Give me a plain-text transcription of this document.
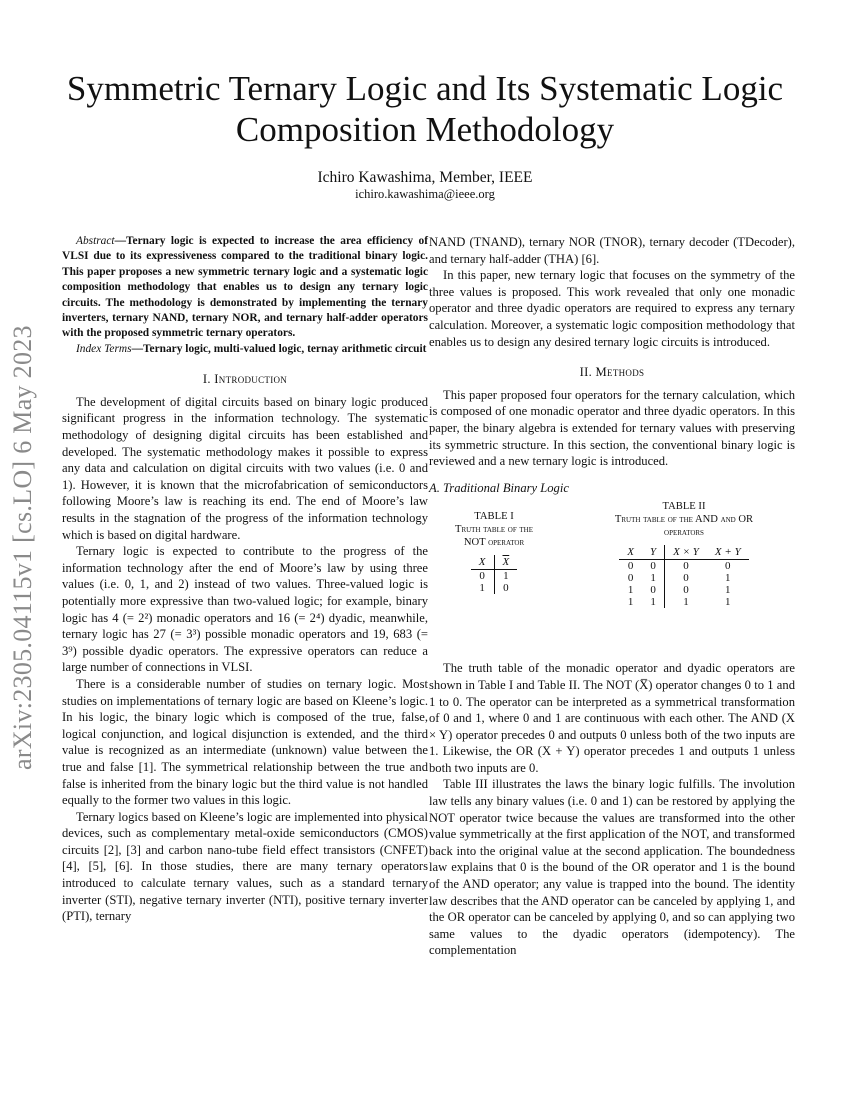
arXiv:2305.04115v1 [cs.LO] 6 May 2023
Symmetric Ternary Logic and Its Systematic Logic
Composition Methodology
Ichiro Kawashima, Member, IEEE
ichiro.kawashima@ieee.org

Abstract—Ternary logic is expected to increase the area efficiency of VLSI due to its expressiveness compared to the traditional binary logic. This paper proposes a new symmetric ternary logic and a systematic logic composition methodology that enables us to design any ternary logic circuits. The methodology is demonstrated by implementing the ternary inverters, ternary NAND, ternary NOR, and ternary half-adder operators with the proposed symmetric ternary operators.

Index Terms—Ternary logic, multi-valued logic, ternay arithmetic circuit

I. Introduction

The development of digital circuits based on binary logic produced significant progress in the information technology. The systematic methodology of designing digital circuits has been established and developed. The systematic methodology makes it possible to express any data and calculation on digital circuits with two values (i.e. 0 and 1). However, it is known that the microfabrication of semiconductors following Moore’s law is reaching its end. The end of Moore’s law results in the stagnation of the progress of the information technology which is based on digital hardware.

Ternary logic is expected to contribute to the progress of the information technology after the end of Moore’s law by using three values (i.e. 0, 1, and 2) instead of two values. Three-valued logic is potentially more expressive than two-valued logic; for example, binary logic has 4 (= 2²) monadic operators and 16 (= 2⁴) dyadic, meanwhile, ternary logic has 27 (= 3³) possible monadic operators and 19, 683 (= 3⁹) possible dyadic operators. The expressive operators can reduce a large number of connections in VLSI.

There is a considerable number of studies on ternary logic. Most studies on implementations of ternary logic are based on Kleene’s logic. In his logic, the binary logic which is composed of the true, false, logical conjunction, and logical disjunction is extended, and the third value is recognized as an intermediate (unknown) value between the true and false [1]. The symmetrical relationship between the true and false is inherited from the binary logic but the third value is not handled equally to the former two values in this logic.

Ternary logics based on Kleene’s logic are implemented into physical devices, such as complementary metal-oxide semiconductors (CMOS) circuits [2], [3] and carbon nano-tube field effect transistors (CNFET) [4], [5], [6]. In those studies, there are many ternary operators introduced to calculate ternary values, such as a standard ternary inverter (STI), negative ternary inverter (NTI), positive ternary inverter (PTI), ternary

NAND (TNAND), ternary NOR (TNOR), ternary decoder (TDecoder), and ternary half-adder (THA) [6].

In this paper, new ternary logic that focuses on the symmetry of the three values is proposed. This work revealed that only one monadic operator and three dyadic operators are required to express any ternary calculation. Moreover, a systematic logic composition methodology that enables us to design any desired ternary logic circuits is introduced.

II. Methods

This paper proposed four operators for the ternary calculation, which is composed of one monadic operator and three dyadic operators. In this paper, the binary algebra is extended for ternary values with preserving its symmetric structure. In this section, the conventional binary logic is reviewed and a new ternary logic is introduced.

A. Traditional Binary Logic
TABLE I
Truth table of the
NOT operator
X	$\overline{X}$
0	1
1	0
TABLE II
Truth table of the AND and OR
operators
X	Y	X × Y	X + Y
0	0	0	0
0	1	0	1
1	0	0	1
1	1	1	1

The truth table of the monadic operator and dyadic operators are shown in Table I and Table II. The NOT (X̅) operator changes 0 to 1 and 1 to 0. The operator can be interpreted as a symmetrical transformation of 0 and 1, where 0 and 1 are continuous with each other. The AND (X × Y) operator precedes 0 and outputs 0 unless both of the two inputs are 1. Likewise, the OR (X + Y) operator precedes 1 and outputs 1 unless both two inputs are 0.

Table III illustrates the laws the binary logic fulfills. The involution law tells any binary values (i.e. 0 and 1) can be restored by applying the NOT operator twice because the values are transformed into the other value symmetrically at the first application of the NOT, and transformed back into the original value at the second application. The boundedness law explains that 0 is the bound of the OR operator and 1 is the bound of the AND operator; any value is trapped into the bound. The identity law describes that the AND operator can be canceled by applying 1, and the OR operator can be canceled by applying 0, and so can applying two same values to the dyadic operators (idempotency). The complementation
